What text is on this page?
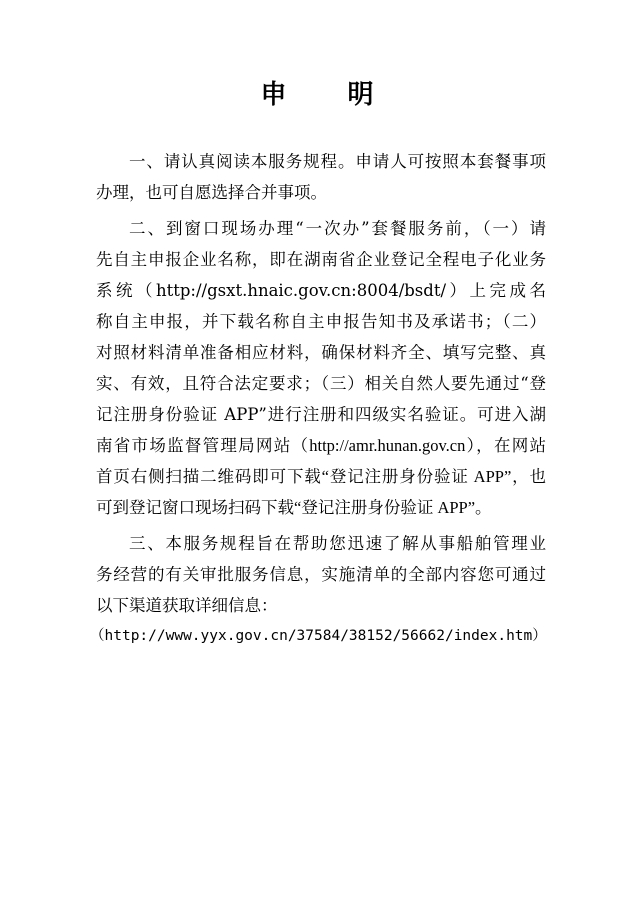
申 明
一、请认真阅读本服务规程。申请人可按照本套餐事项
办理，也可自愿选择合并事项。
二、到窗口现场办理“一次办”套餐服务前，（一）请
先自主申报企业名称，即在湖南省企业登记全程电子化业务
系统（http://gsxt.hnaic.gov.cn:8004/bsdt/）上完成名
称自主申报，并下载名称自主申报告知书及承诺书；（二）
对照材料清单准备相应材料，确保材料齐全、填写完整、真
实、有效，且符合法定要求；（三）相关自然人要先通过“登
记注册身份验证 APP”进行注册和四级实名验证。可进入湖
南省市场监督管理局网站（http://amr.hunan.gov.cn），在网站
首页右侧扫描二维码即可下载“登记注册身份验证 APP”，也
可到登记窗口现场扫码下载“登记注册身份验证 APP”。
三、本服务规程旨在帮助您迅速了解从事船舶管理业
务经营的有关审批服务信息，实施清单的全部内容您可通过
以下渠道获取详细信息：
（http://www.yyx.gov.cn/37584/38152/56662/index.htm）
